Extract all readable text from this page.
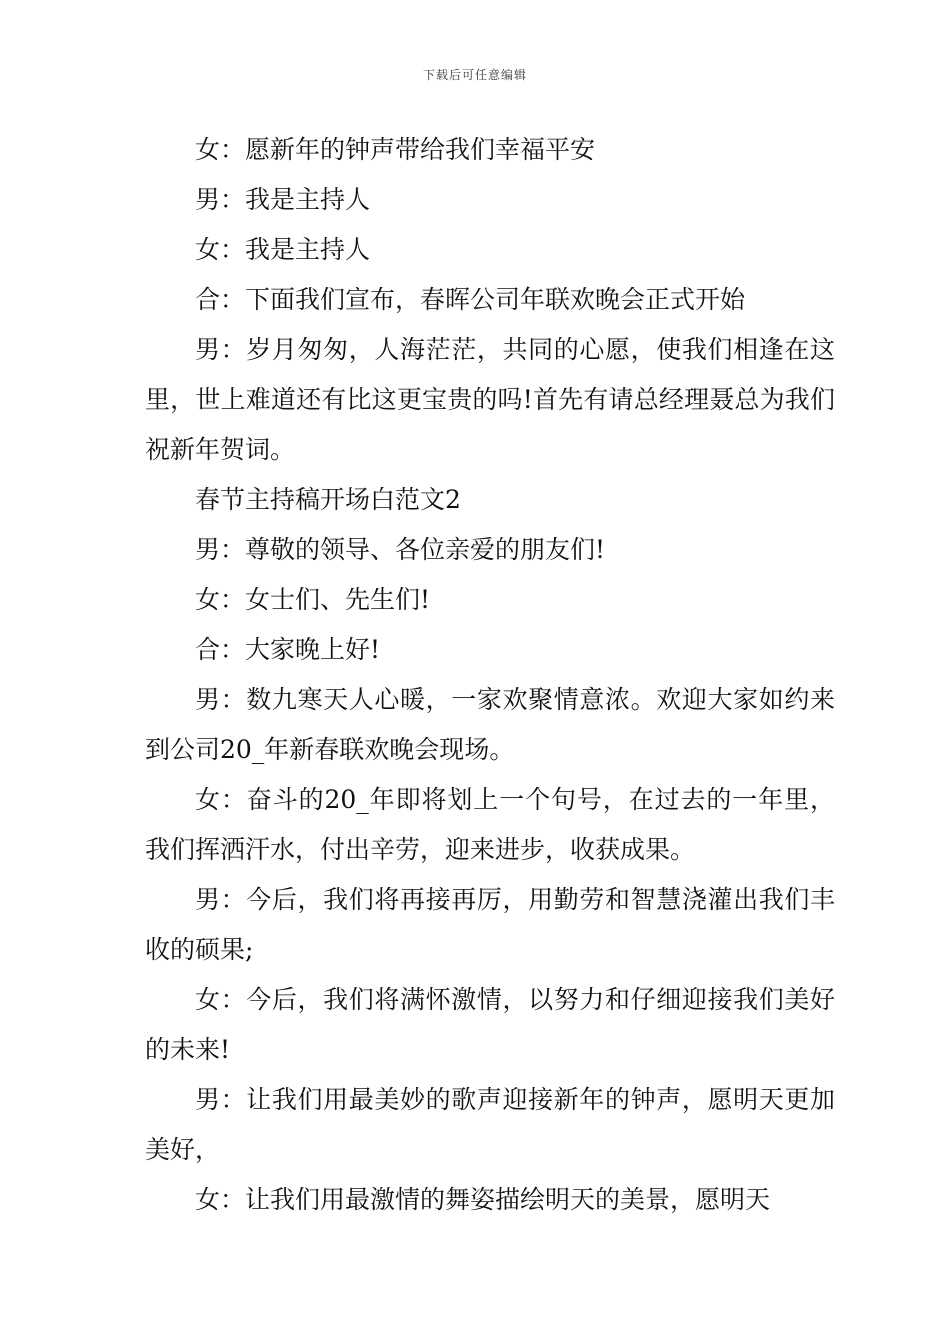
下载后可任意编辑

女：愿新年的钟声带给我们幸福平安

男：我是主持人

女：我是主持人

合：下面我们宣布，春晖公司年联欢晚会正式开始

男：岁月匆匆，人海茫茫，共同的心愿，使我们相逢在这里，世上难道还有比这更宝贵的吗!首先有请总经理聂总为我们祝新年贺词。

春节主持稿开场白范文2

男：尊敬的领导、各位亲爱的朋友们!

女：女士们、先生们!

合：大家晚上好!

男：数九寒天人心暖，一家欢聚情意浓。欢迎大家如约来到公司20_年新春联欢晚会现场。

女：奋斗的20_年即将划上一个句号，在过去的一年里，我们挥洒汗水，付出辛劳，迎来进步，收获成果。

男：今后，我们将再接再厉，用勤劳和智慧浇灌出我们丰收的硕果;

女：今后，我们将满怀激情，以努力和仔细迎接我们美好的未来!

男：让我们用最美妙的歌声迎接新年的钟声，愿明天更加美好，

女：让我们用最激情的舞姿描绘明天的美景，愿明天
